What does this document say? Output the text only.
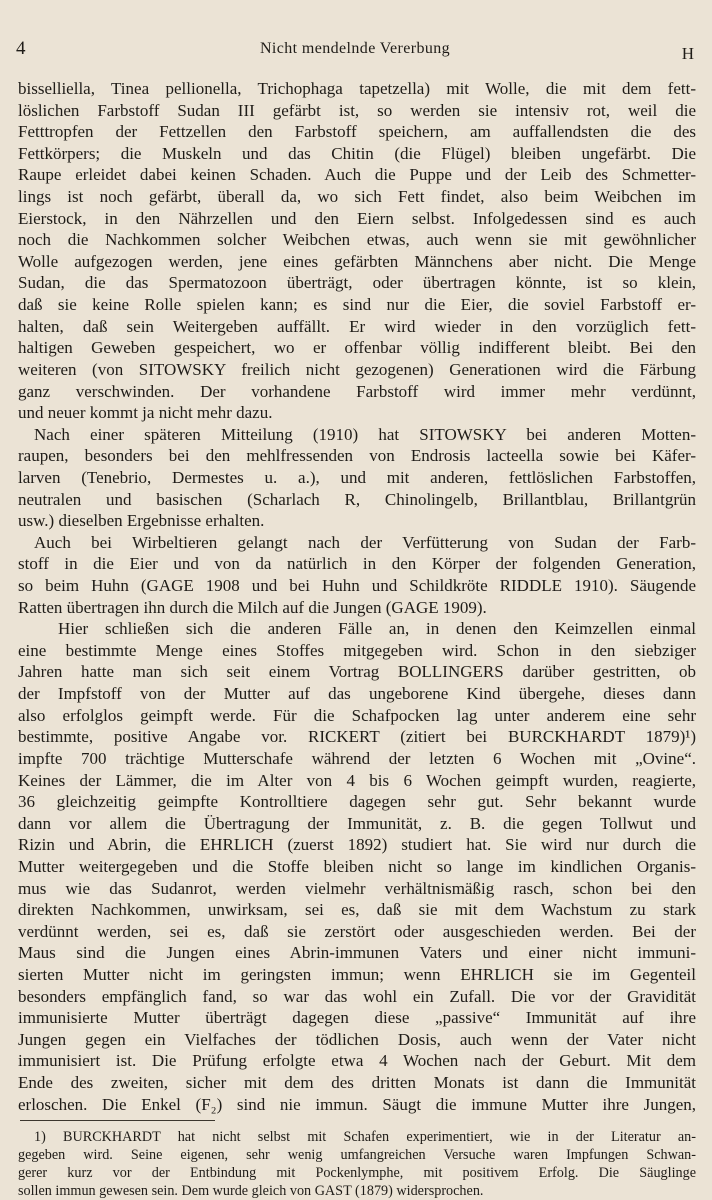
4	Nicht mendelnde Vererbung	H
bisselliella, Tinea pellionella, Trichophaga tapetzella) mit Wolle, die mit dem fett-
löslichen Farbstoff Sudan III gefärbt ist, so werden sie intensiv rot, weil die
Fetttropfen der Fettzellen den Farbstoff speichern, am auffallendsten die des
Fettkörpers; die Muskeln und das Chitin (die Flügel) bleiben ungefärbt. Die
Raupe erleidet dabei keinen Schaden. Auch die Puppe und der Leib des Schmetter-
lings ist noch gefärbt, überall da, wo sich Fett findet, also beim Weibchen im
Eierstock, in den Nährzellen und den Eiern selbst. Infolgedessen sind es auch
noch die Nachkommen solcher Weibchen etwas, auch wenn sie mit gewöhnlicher
Wolle aufgezogen werden, jene eines gefärbten Männchens aber nicht. Die Menge
Sudan, die das Spermatozoon überträgt, oder übertragen könnte, ist so klein,
daß sie keine Rolle spielen kann; es sind nur die Eier, die soviel Farbstoff er-
halten, daß sein Weitergeben auffällt. Er wird wieder in den vorzüglich fett-
haltigen Geweben gespeichert, wo er offenbar völlig indifferent bleibt. Bei den
weiteren (von SITOWSKY freilich nicht gezogenen) Generationen wird die Färbung
ganz verschwinden. Der vorhandene Farbstoff wird immer mehr verdünnt,
und neuer kommt ja nicht mehr dazu.
Nach einer späteren Mitteilung (1910) hat SITOWSKY bei anderen Motten-
raupen, besonders bei den mehlfressenden von Endrosis lacteella sowie bei Käfer-
larven (Tenebrio, Dermestes u. a.), und mit anderen, fettlöslichen Farbstoffen,
neutralen und basischen (Scharlach R, Chinolingelb, Brillantblau, Brillantgrün
usw.) dieselben Ergebnisse erhalten.
Auch bei Wirbeltieren gelangt nach der Verfütterung von Sudan der Farb-
stoff in die Eier und von da natürlich in den Körper der folgenden Generation,
so beim Huhn (GAGE 1908 und bei Huhn und Schildkröte RIDDLE 1910). Säugende
Ratten übertragen ihn durch die Milch auf die Jungen (GAGE 1909).
Hier schließen sich die anderen Fälle an, in denen den Keimzellen einmal
eine bestimmte Menge eines Stoffes mitgegeben wird. Schon in den siebziger
Jahren hatte man sich seit einem Vortrag BOLLINGERS darüber gestritten, ob
der Impfstoff von der Mutter auf das ungeborene Kind übergehe, dieses dann
also erfolglos geimpft werde. Für die Schafpocken lag unter anderem eine sehr
bestimmte, positive Angabe vor. RICKERT (zitiert bei BURCKHARDT 1879)¹)
impfte 700 trächtige Mutterschafe während der letzten 6 Wochen mit „Ovine“.
Keines der Lämmer, die im Alter von 4 bis 6 Wochen geimpft wurden, reagierte,
36 gleichzeitig geimpfte Kontrolltiere dagegen sehr gut. Sehr bekannt wurde
dann vor allem die Übertragung der Immunität, z. B. die gegen Tollwut und
Rizin und Abrin, die EHRLICH (zuerst 1892) studiert hat. Sie wird nur durch die
Mutter weitergegeben und die Stoffe bleiben nicht so lange im kindlichen Organis-
mus wie das Sudanrot, werden vielmehr verhältnismäßig rasch, schon bei den
direkten Nachkommen, unwirksam, sei es, daß sie mit dem Wachstum zu stark
verdünnt werden, sei es, daß sie zerstört oder ausgeschieden werden. Bei der
Maus sind die Jungen eines Abrin-immunen Vaters und einer nicht immuni-
sierten Mutter nicht im geringsten immun; wenn EHRLICH sie im Gegenteil
besonders empfänglich fand, so war das wohl ein Zufall. Die vor der Gravidität
immunisierte Mutter überträgt dagegen diese „passive“ Immunität auf ihre
Jungen gegen ein Vielfaches der tödlichen Dosis, auch wenn der Vater nicht
immunisiert ist. Die Prüfung erfolgte etwa 4 Wochen nach der Geburt. Mit dem
Ende des zweiten, sicher mit dem des dritten Monats ist dann die Immunität
erloschen. Die Enkel (F₂) sind nie immun. Säugt die immune Mutter ihre Jungen,
1) BURCKHARDT hat nicht selbst mit Schafen experimentiert, wie in der Literatur an-
gegeben wird. Seine eigenen, sehr wenig umfangreichen Versuche waren Impfungen Schwan-
gerer kurz vor der Entbindung mit Pockenlymphe, mit positivem Erfolg. Die Säuglinge
sollen immun gewesen sein. Dem wurde gleich von GAST (1879) widersprochen.
